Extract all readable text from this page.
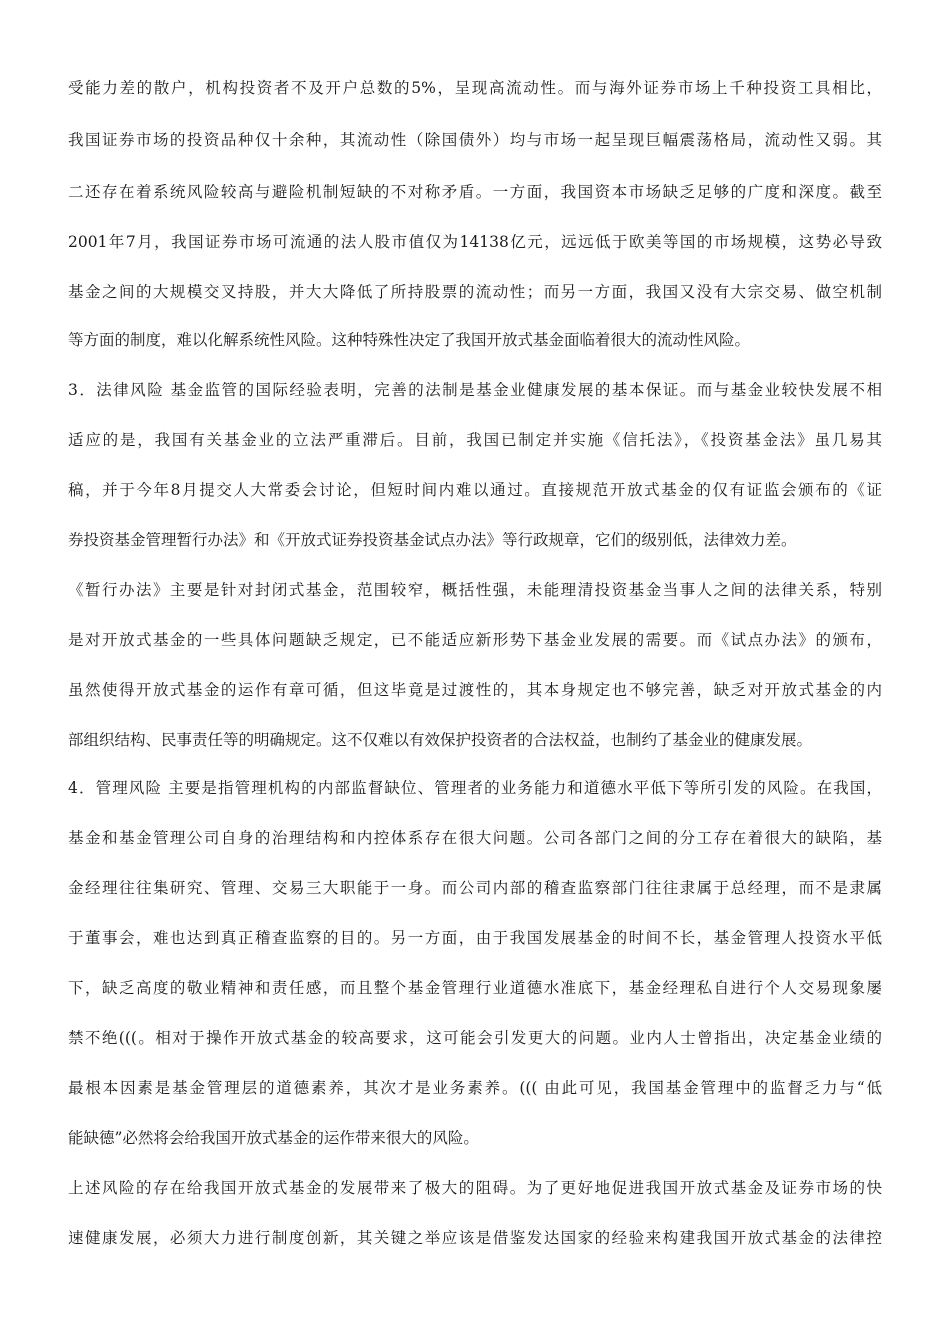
受能力差的散户，机构投资者不及开户总数的5%，呈现高流动性。而与海外证券市场上千种投资工具相比，
我国证券市场的投资品种仅十余种，其流动性（除国债外）均与市场一起呈现巨幅震荡格局，流动性又弱。其
二还存在着系统风险较高与避险机制短缺的不对称矛盾。一方面，我国资本市场缺乏足够的广度和深度。截至
2001年7月，我国证券市场可流通的法人股市值仅为14138亿元，远远低于欧美等国的市场规模，这势必导致
基金之间的大规模交叉持股，并大大降低了所持股票的流动性；而另一方面，我国又没有大宗交易、做空机制
等方面的制度，难以化解系统性风险。这种特殊性决定了我国开放式基金面临着很大的流动性风险。
3．法律风险 基金监管的国际经验表明，完善的法制是基金业健康发展的基本保证。而与基金业较快发展不相
适应的是，我国有关基金业的立法严重滞后。目前，我国已制定并实施《信托法》，《投资基金法》虽几易其
稿，并于今年8月提交人大常委会讨论，但短时间内难以通过。直接规范开放式基金的仅有证监会颁布的《证
券投资基金管理暂行办法》和《开放式证券投资基金试点办法》等行政规章，它们的级别低，法律效力差。
《暂行办法》主要是针对封闭式基金，范围较窄，概括性强，未能理清投资基金当事人之间的法律关系，特别
是对开放式基金的一些具体问题缺乏规定，已不能适应新形势下基金业发展的需要。而《试点办法》的颁布，
虽然使得开放式基金的运作有章可循，但这毕竟是过渡性的，其本身规定也不够完善，缺乏对开放式基金的内
部组织结构、民事责任等的明确规定。这不仅难以有效保护投资者的合法权益，也制约了基金业的健康发展。
4．管理风险 主要是指管理机构的内部监督缺位、管理者的业务能力和道德水平低下等所引发的风险。在我国，
基金和基金管理公司自身的治理结构和内控体系存在很大问题。公司各部门之间的分工存在着很大的缺陷，基
金经理往往集研究、管理、交易三大职能于一身。而公司内部的稽查监察部门往往隶属于总经理，而不是隶属
于董事会，难也达到真正稽查监察的目的。另一方面，由于我国发展基金的时间不长，基金管理人投资水平低
下，缺乏高度的敬业精神和责任感，而且整个基金管理行业道德水准底下，基金经理私自进行个人交易现象屡
禁不绝(((。相对于操作开放式基金的较高要求，这可能会引发更大的问题。业内人士曾指出，决定基金业绩的
最根本因素是基金管理层的道德素养，其次才是业务素养。((( 由此可见，我国基金管理中的监督乏力与“低
能缺德”必然将会给我国开放式基金的运作带来很大的风险。
上述风险的存在给我国开放式基金的发展带来了极大的阻碍。为了更好地促进我国开放式基金及证券市场的快
速健康发展，必须大力进行制度创新，其关键之举应该是借鉴发达国家的经验来构建我国开放式基金的法律控
